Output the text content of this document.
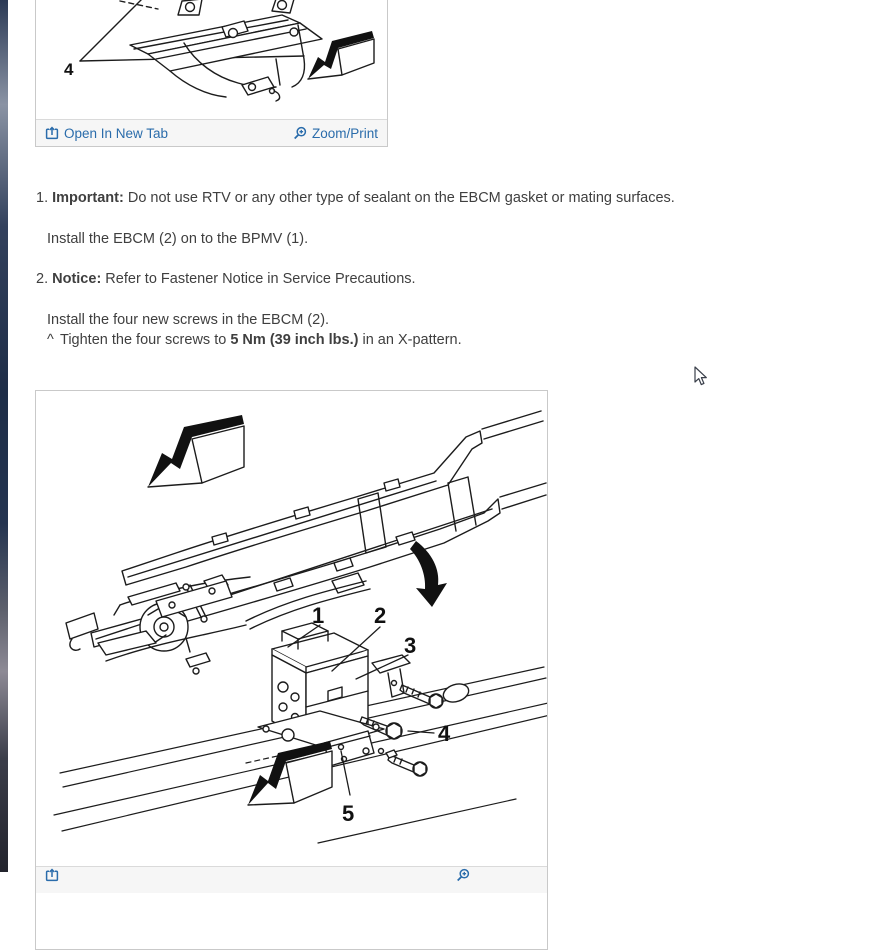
4
Open In New Tab	Zoom/Print
1. Important: Do not use RTV or any other type of sealant on the EBCM gasket or mating surfaces.
Install the EBCM (2) on to the BPMV (1).
2. Notice: Refer to Fastener Notice in Service Precautions.
Install the four new screws in the EBCM (2).
^ Tighten the four screws to 5 Nm (39 inch lbs.) in an X-pattern.
1 2
3
4
5
